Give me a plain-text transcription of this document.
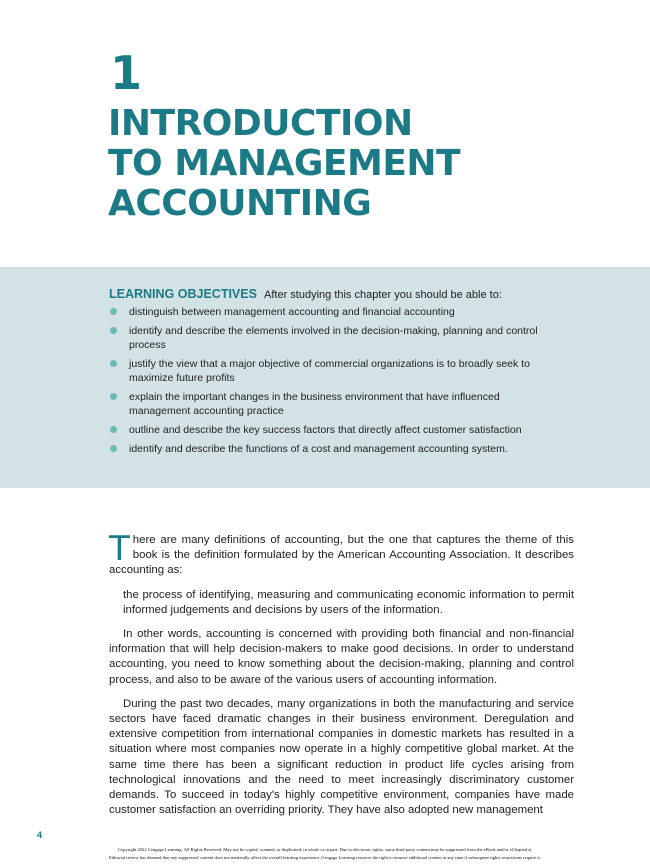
1
INTRODUCTION
TO MANAGEMENT
ACCOUNTING
LEARNING OBJECTIVES After studying this chapter you should be able to:
distinguish between management accounting and financial accounting
identify and describe the elements involved in the decision-making, planning and control process
justify the view that a major objective of commercial organizations is to broadly seek to maximize future profits
explain the important changes in the business environment that have influenced management accounting practice
outline and describe the key success factors that directly affect customer satisfaction
identify and describe the functions of a cost and management accounting system.

There are many definitions of accounting, but the one that captures the theme of this book is the definition formulated by the American Accounting Association. It describes accounting as:

the process of identifying, measuring and communicating economic information to permit informed judgements and decisions by users of the information.

In other words, accounting is concerned with providing both financial and non-financial information that will help decision-makers to make good decisions. In order to understand accounting, you need to know something about the decision-making, planning and control process, and also to be aware of the various users of accounting information.

During the past two decades, many organizations in both the manufacturing and service sectors have faced dramatic changes in their business environment. Deregulation and extensive competition from international companies in domestic markets has resulted in a situation where most companies now operate in a highly competitive global market. At the same time there has been a significant reduction in product life cycles arising from technological innovations and the need to meet increasingly discriminatory customer demands. To succeed in today's highly competitive environment, companies have made customer satisfaction an overriding priority. They have also adopted new management

4
Copyright 2022 Cengage Learning. All Rights Reserved. May not be copied, scanned, or duplicated, in whole or in part. Due to electronic rights, some third party content may be suppressed from the eBook and/or eChapter(s).
Editorial review has deemed that any suppressed content does not materially affect the overall learning experience. Cengage Learning reserves the right to remove additional content at any time if subsequent rights restrictions require it.
